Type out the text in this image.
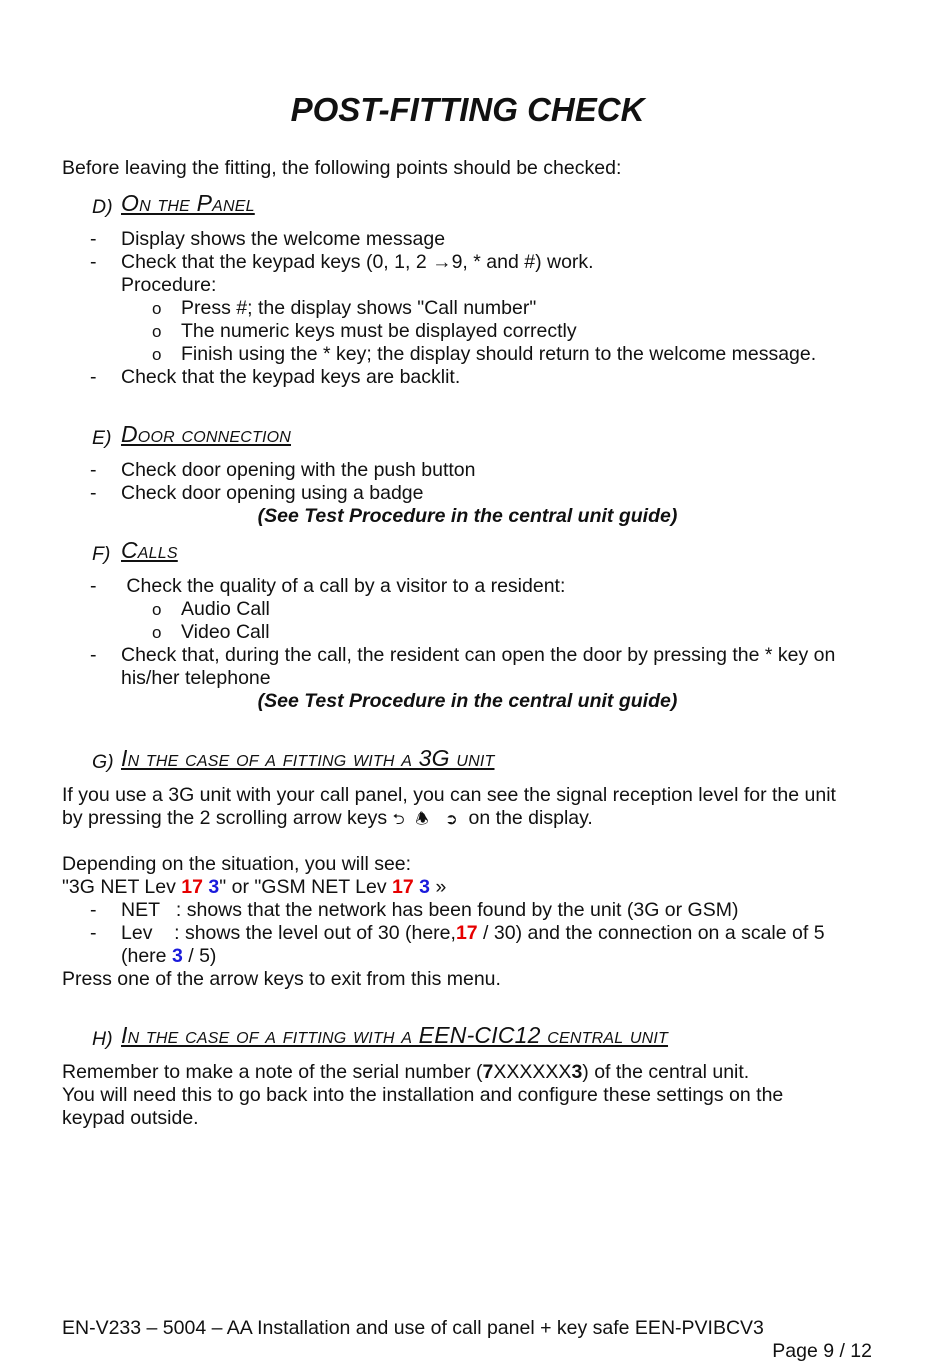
POST-FITTING CHECK
Before leaving the fitting, the following points should be checked:
D) On the Panel
- Display shows the welcome message
- Check that the keypad keys (0, 1, 2 →9, * and #) work.
Procedure:
o Press #; the display shows "Call number"
o The numeric keys must be displayed correctly
o Finish using the * key; the display should return to the welcome message.
- Check that the keypad keys are backlit.
E) Door connection
- Check door opening with the push button
- Check door opening using a badge
(See Test Procedure in the central unit guide)
F) Calls
- Check the quality of a call by a visitor to a resident:
o Audio Call
o Video Call
- Check that, during the call, the resident can open the door by pressing the * key on
his/her telephone
(See Test Procedure in the central unit guide)
G) In the case of a fitting with a 3G unit
If you use a 3G unit with your call panel, you can see the signal reception level for the unit
by pressing the 2 scrolling arrow keys ⮌ 🕭 ➲ on the display.
Depending on the situation, you will see:
"3G NET Lev 17 3" or "GSM NET Lev 17 3 »
- NET   : shows that the network has been found by the unit (3G or GSM)
- Lev    : shows the level out of 30 (here,17 / 30) and the connection on a scale of 5
(here 3 / 5)
Press one of the arrow keys to exit from this menu.
H) In the case of a fitting with a EEN-CIC12 central unit
Remember to make a note of the serial number (7XXXXXX3) of the central unit.
You will need this to go back into the installation and configure these settings on the
keypad outside.
EN-V233 – 5004 – AA Installation and use of call panel + key safe EEN-PVIBCV3
Page 9 / 12
